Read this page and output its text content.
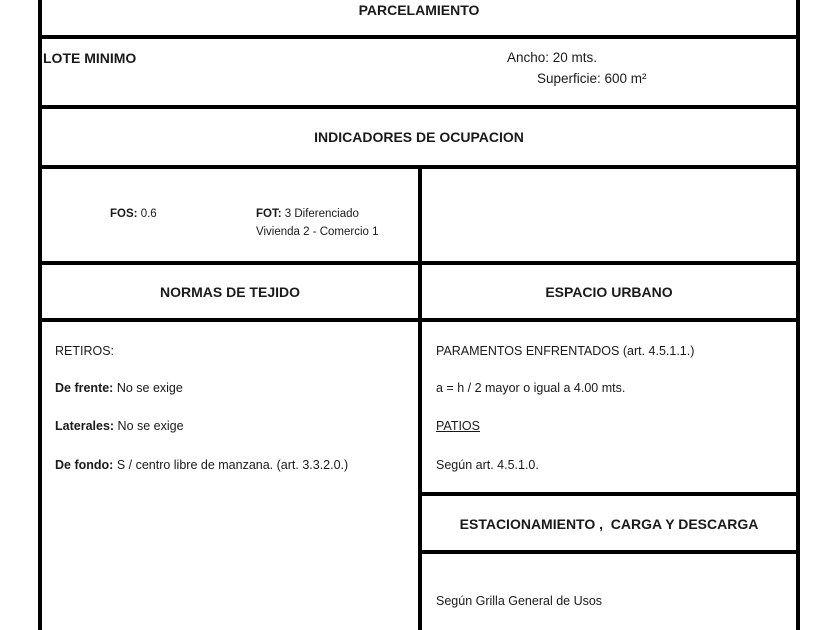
PARCELAMIENTO
LOTE MINIMO	Ancho: 20 mts.
Superficie: 600 m²
INDICADORES DE OCUPACION
FOS: 0.6	FOT: 3 Diferenciado
Vivienda 2 - Comercio 1
NORMAS DE TEJIDO	ESPACIO URBANO
RETIROS:
De frente: No se exige
Laterales: No se exige
De fondo: S / centro libre de manzana. (art. 3.3.2.0.)
PARAMENTOS ENFRENTADOS (art. 4.5.1.1.)
a = h / 2 mayor o igual a 4.00 mts.
PATIOS
Según art. 4.5.1.0.
ESTACIONAMIENTO ,  CARGA Y DESCARGA
Según Grilla General de Usos
